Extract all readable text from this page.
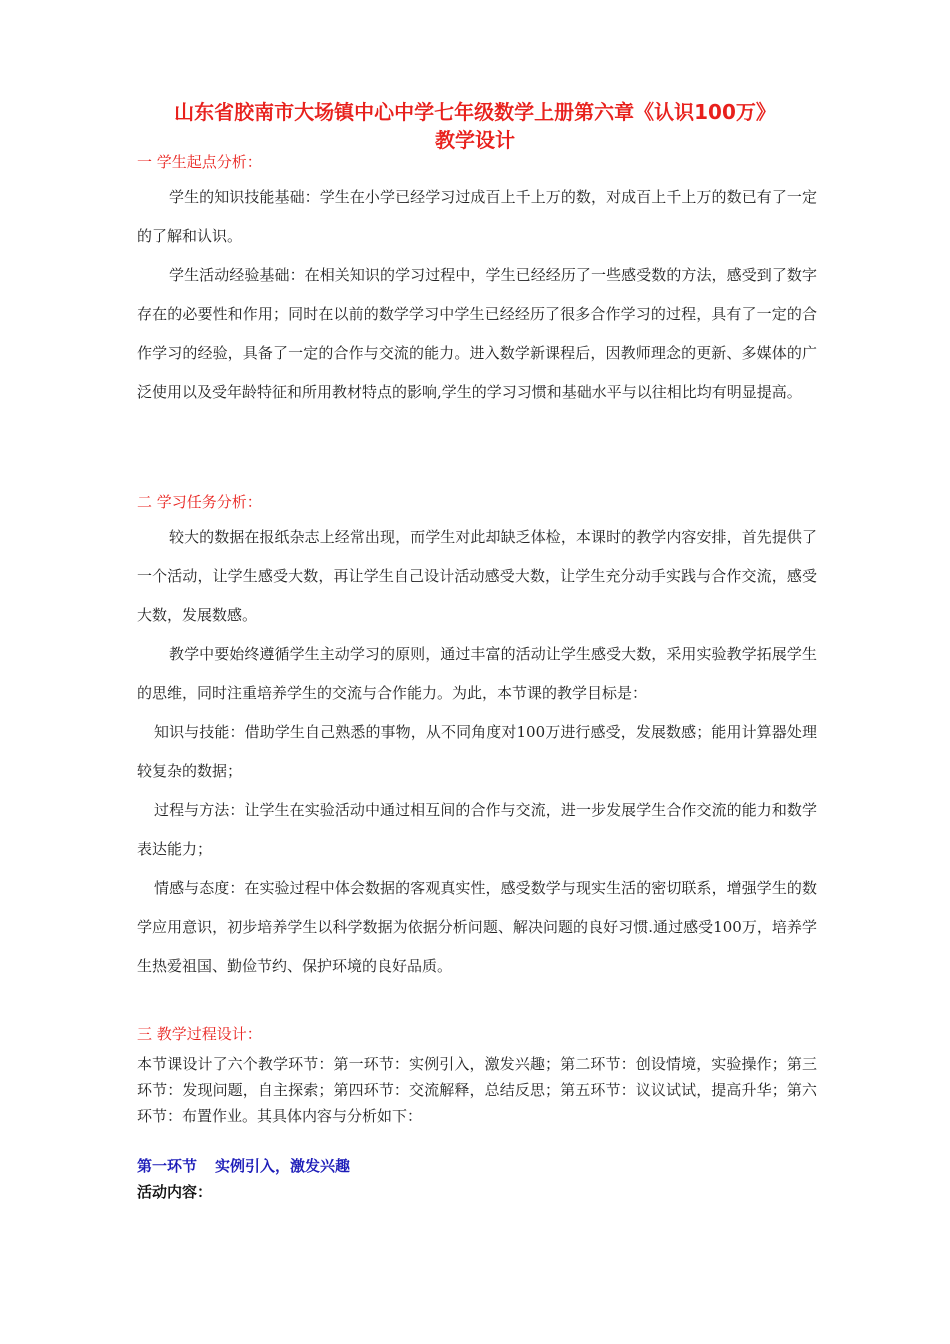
山东省胶南市大场镇中心中学七年级数学上册第六章《认识100万》
教学设计

一 学生起点分析：

学生的知识技能基础：学生在小学已经学习过成百上千上万的数，对成百上千上万的数已有了一定的了解和认识。

学生活动经验基础：在相关知识的学习过程中，学生已经经历了一些感受数的方法，感受到了数字存在的必要性和作用；同时在以前的数学学习中学生已经经历了很多合作学习的过程，具有了一定的合作学习的经验，具备了一定的合作与交流的能力。进入数学新课程后，因教师理念的更新、多媒体的广泛使用以及受年龄特征和所用教材特点的影响,学生的学习习惯和基础水平与以往相比均有明显提高。

二 学习任务分析：

较大的数据在报纸杂志上经常出现，而学生对此却缺乏体检，本课时的教学内容安排，首先提供了一个活动，让学生感受大数，再让学生自己设计活动感受大数，让学生充分动手实践与合作交流，感受大数，发展数感。

教学中要始终遵循学生主动学习的原则，通过丰富的活动让学生感受大数，采用实验教学拓展学生的思维，同时注重培养学生的交流与合作能力。为此，本节课的教学目标是：

知识与技能：借助学生自己熟悉的事物，从不同角度对100万进行感受，发展数感；能用计算器处理较复杂的数据；

过程与方法：让学生在实验活动中通过相互间的合作与交流，进一步发展学生合作交流的能力和数学表达能力；

情感与态度：在实验过程中体会数据的客观真实性，感受数学与现实生活的密切联系，增强学生的数学应用意识，初步培养学生以科学数据为依据分析问题、解决问题的良好习惯.通过感受100万，培养学生热爱祖国、勤俭节约、保护环境的良好品质。

三 教学过程设计：

本节课设计了六个教学环节：第一环节：实例引入，激发兴趣；第二环节：创设情境，实验操作；第三环节：发现问题，自主探索；第四环节：交流解释，总结反思；第五环节：议议试试，提高升华；第六环节：布置作业。其具体内容与分析如下：

第一环节 实例引入，激发兴趣

活动内容：
